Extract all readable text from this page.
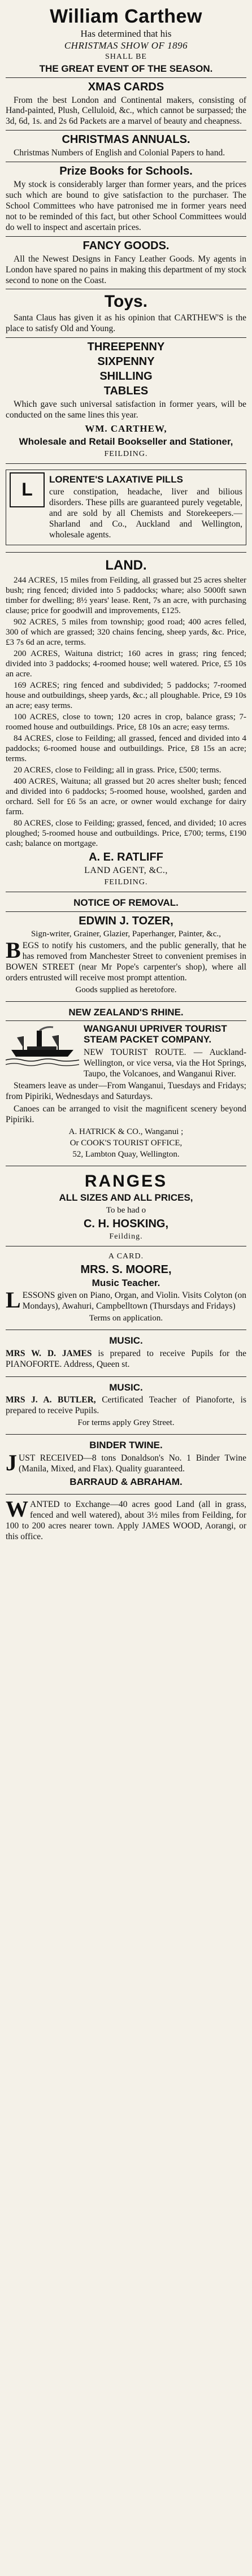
William Carthew
Has determined that his
CHRISTMAS SHOW OF 1896
SHALL BE
THE GREAT EVENT OF THE SEASON.
XMAS CARDS

From the best London and Continental makers, consisting of Hand-painted, Plush, Celluloid, &c., which cannot be surpassed; the 3d, 6d, 1s. and 2s 6d Packets are a marvel of beauty and cheapness.

CHRISTMAS ANNUALS.

Christmas Numbers of English and Colonial Papers to hand.

Prize Books for Schools.

My stock is considerably larger than former years, and the prices such which are bound to give satisfaction to the purchaser. The School Committees who have patronised me in former years need not to be reminded of this fact, but other School Committees would do well to inspect and ascertain prices.

FANCY GOODS.

All the Newest Designs in Fancy Leather Goods. My agents in London have spared no pains in making this department of my stock second to none on the Coast.

Toys.

Santa Claus has given it as his opinion that CARTHEW'S is the place to satisfy Old and Young.

THREEPENNY
SIXPENNY
SHILLING
TABLES

Which gave such universal satisfaction in former years, will be conducted on the same lines this year.

WM. CARTHEW,
Wholesale and Retail Bookseller and Stationer,
FEILDING.
L	LORENTE'S LAXATIVE PILLS

cure constipation, headache, liver and bilious disorders. These pills are guaranteed purely vegetable, and are sold by all Chemists and Storekeepers.—Sharland and Co., Auckland and Wellington, wholesale agents.

LAND.

244 ACRES, 15 miles from Feilding, all grassed but 25 acres shelter bush; ring fenced; divided into 5 paddocks; whare; also 5000ft sawn timber for dwelling; 8½ years' lease. Rent, 7s an acre, with purchasing clause; price for goodwill and improvements, £125.

902 ACRES, 5 miles from township; good road; 400 acres felled, 300 of which are grassed; 320 chains fencing, sheep yards, &c. Price, £3 7s 6d an acre, terms.

200 ACRES, Waituna district; 160 acres in grass; ring fenced; divided into 3 paddocks; 4-roomed house; well watered. Price, £5 10s an acre.

169 ACRES; ring fenced and subdivided; 5 paddocks; 7-roomed house and outbuildings, sheep yards, &c.; all ploughable. Price, £9 10s an acre; easy terms.

100 ACRES, close to town; 120 acres in crop, balance grass; 7-roomed house and outbuildings. Price, £8 10s an acre; easy terms.

84 ACRES, close to Feilding; all grassed, fenced and divided into 4 paddocks; 6-roomed house and outbuildings. Price, £8 15s an acre; terms.

20 ACRES, close to Feilding; all in grass. Price, £500; terms.

400 ACRES, Waituna; all grassed but 20 acres shelter bush; fenced and divided into 6 paddocks; 5-roomed house, woolshed, garden and orchard. Sell for £6 5s an acre, or owner would exchange for dairy farm.

80 ACRES, close to Feilding; grassed, fenced, and divided; 10 acres ploughed; 5-roomed house and outbuildings. Price, £700; terms, £190 cash; balance on mortgage.

A. E. RATLIFF
LAND AGENT, &C.,
FEILDING.
NOTICE OF REMOVAL.
EDWIN J. TOZER,
Sign-writer, Grainer, Glazier, Paperhanger, Painter, &c.,

BEGS to notify his customers, and the public generally, that he has removed from Manchester Street to convenient premises in BOWEN STREET (near Mr Pope's carpenter's shop), where all orders entrusted will receive most prompt attention.

Goods supplied as heretofore.
NEW ZEALAND'S RHINE.
WANGANUI UPRIVER TOURIST STEAM PACKET COMPANY.

NEW TOURIST ROUTE. — Auckland-Wellington, or vice versa, via the Hot Springs, Taupo, the Volcanoes, and Wanganui River.

Steamers leave as under—From Wanganui, Tuesdays and Fridays; from Pipiriki, Wednesdays and Saturdays.

Canoes can be arranged to visit the magnificent scenery beyond Pipiriki.

A. HATRICK & CO., Wanganui ;
Or COOK'S TOURIST OFFICE,
52, Lambton Quay, Wellington.
RANGES
ALL SIZES AND ALL PRICES,
To be had o
C. H. HOSKING,
Feilding.
A CARD.
MRS. S. MOORE,
Music Teacher.

LESSONS given on Piano, Organ, and Violin. Visits Colyton (on Mondays), Awahuri, Campbelltown (Thursdays and Fridays)

Terms on application.
MUSIC.

MRS W. D. JAMES is prepared to receive Pupils for the PIANOFORTE. Address, Queen st.

MUSIC.

MRS J. A. BUTLER, Certificated Teacher of Pianoforte, is prepared to receive Pupils.

For terms apply Grey Street.
BINDER TWINE.

JUST RECEIVED—8 tons Donaldson's No. 1 Binder Twine (Manila, Mixed, and Flax). Quality guaranteed.

BARRAUD & ABRAHAM.

WANTED to Exchange—40 acres good Land (all in grass, fenced and well watered), about 3½ miles from Feilding, for 100 to 200 acres nearer town. Apply JAMES WOOD, Aorangi, or this office.
